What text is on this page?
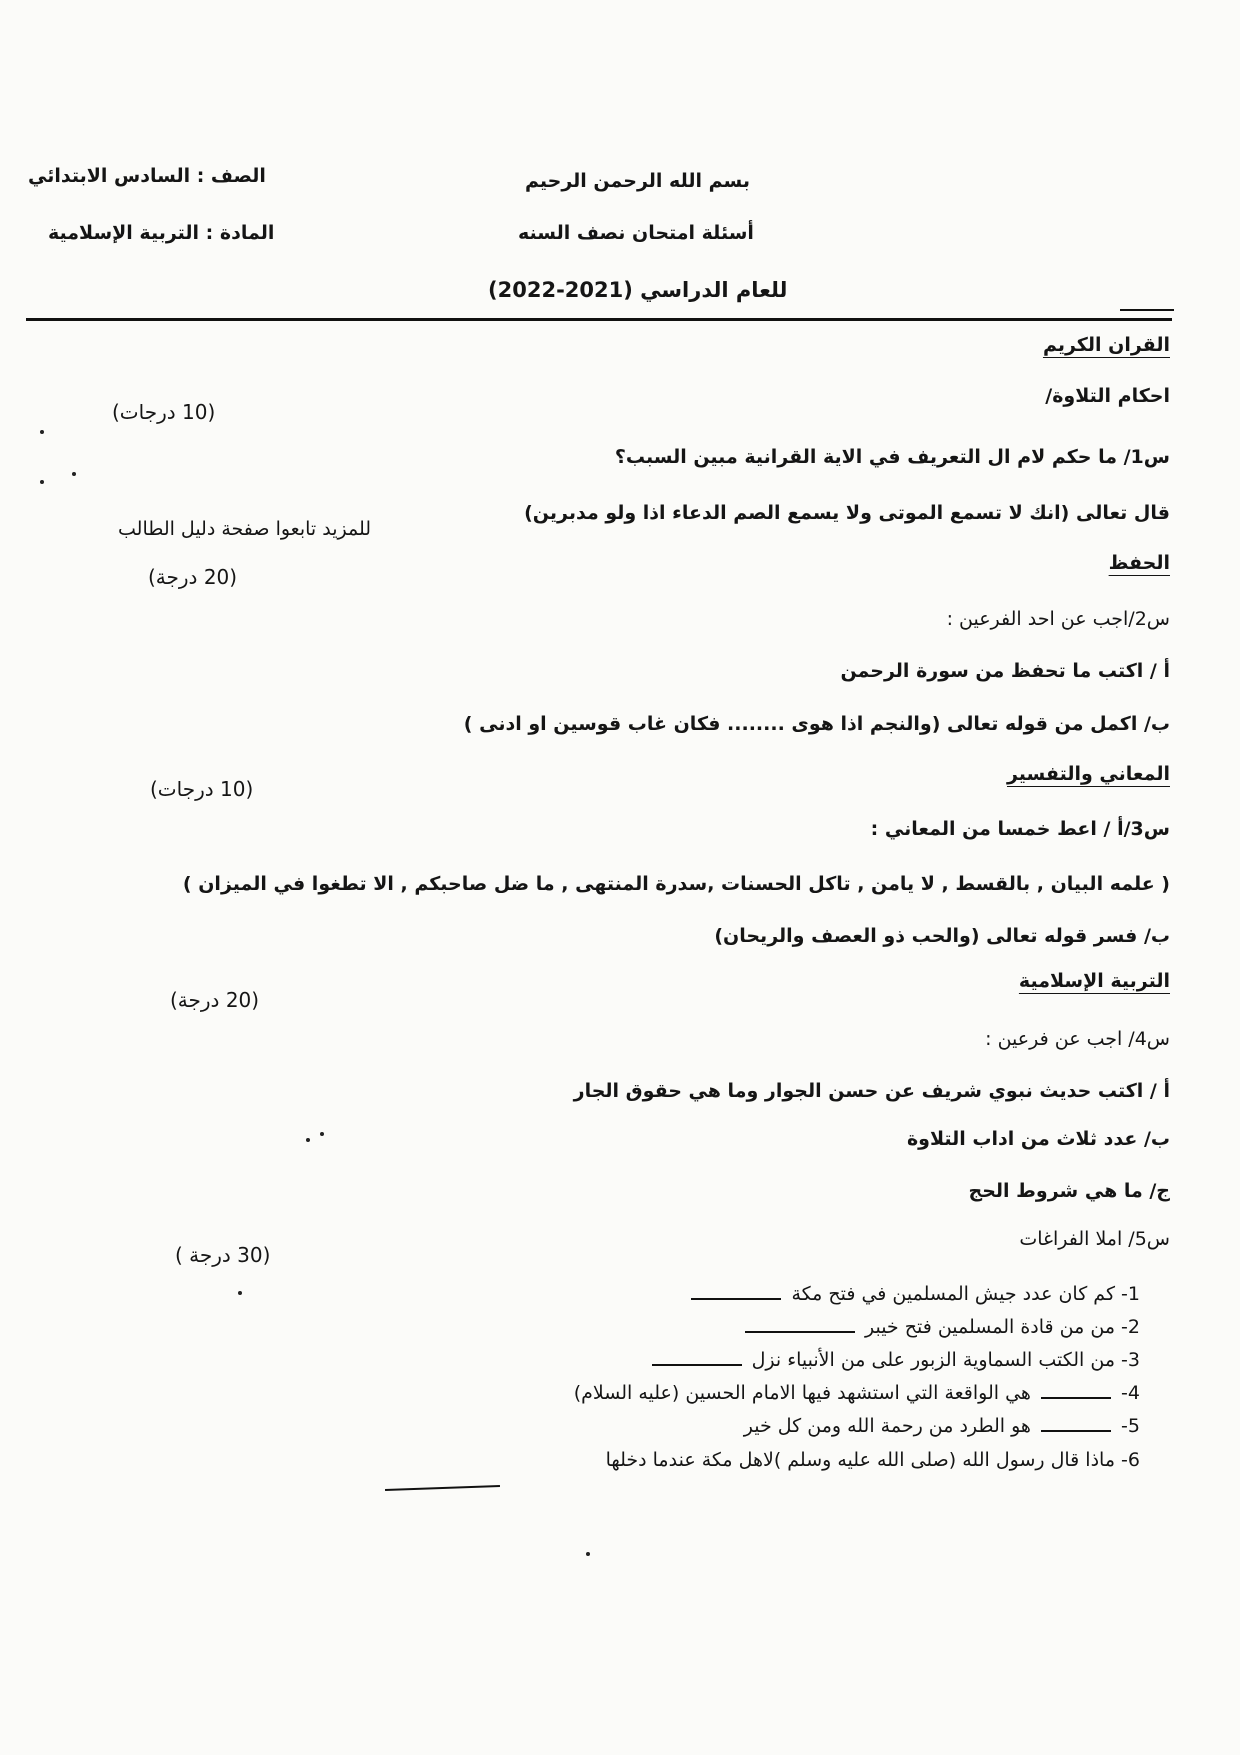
بسم الله الرحمن الرحيم
أسئلة امتحان نصف السنه
للعام الدراسي (2021-2022)
الصف : السادس الابتدائي
المادة : التربية الإسلامية
القران الكريم
احكام التلاوة/
(10 درجات)
س1/ ما حكم لام ال التعريف في الاية القرانية مبين السبب؟
قال تعالى (انك لا تسمع الموتى ولا يسمع الصم الدعاء اذا ولو مدبرين)
للمزيد تابعوا صفحة دليل الطالب
الحفظ
(20 درجة)
س2/اجب عن احد الفرعين :
أ / اكتب ما تحفظ من سورة الرحمن
ب/ اكمل من قوله تعالى (والنجم اذا هوى ........ فكان غاب قوسين او ادنى )
المعاني والتفسير
(10 درجات)
س3/أ / اعط خمسا من المعاني :
( علمه البيان , بالقسط , لا يامن , تاكل الحسنات ,سدرة المنتهى , ما ضل صاحبكم , الا تطغوا في الميزان )
ب/ فسر قوله تعالى (والحب ذو العصف والريحان)
التربية الإسلامية
(20 درجة)
س4/ اجب عن فرعين :
أ / اكتب حديث نبوي شريف عن حسن الجوار وما هي حقوق الجار
ب/ عدد ثلاث من اداب التلاوة
ج/ ما هي شروط الحج
س5/ املا الفراغات
(30 درجة )
1- كم كان عدد جيش المسلمين في فتح مكة
2- من من قادة المسلمين فتح خيبر
3- من الكتب السماوية الزبور على من الأنبياء نزل
4-  هي الواقعة التي استشهد فيها الامام الحسين (عليه السلام)
5-  هو الطرد من رحمة الله ومن كل خير
6- ماذا قال رسول الله (صلى الله عليه وسلم )لاهل مكة عندما دخلها
